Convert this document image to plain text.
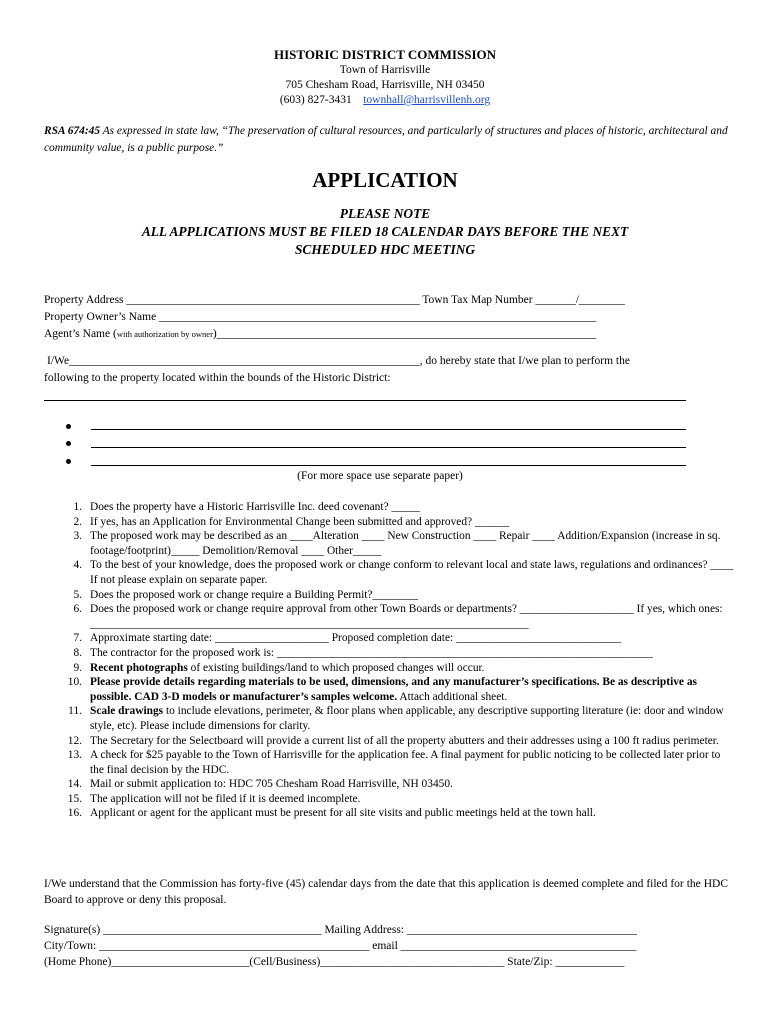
HISTORIC DISTRICT COMMISSION
Town of Harrisville
705 Chesham Road, Harrisville, NH 03450
(603) 827-3431 townhall@harrisvillenh.org
RSA 674:45 As expressed in state law, “The preservation of cultural resources, and particularly of structures and places of historic, architectural and community value, is a public purpose.”
APPLICATION
PLEASE NOTE
ALL APPLICATIONS MUST BE FILED 18 CALENDAR DAYS BEFORE THE NEXT
SCHEDULED HDC MEETING
Property Address ___________________________________________________ Town Tax Map Number _______/________
Property Owner’s Name ____________________________________________________________________________
Agent’s Name (with authorization by owner)__________________________________________________________________
I/We_____________________________________________________________, do hereby state that I/we plan to perform the
following to the property located within the bounds of the Historic District:
(For more space use separate paper)
1. Does the property have a Historic Harrisville Inc. deed covenant? _____
2. If yes, has an Application for Environmental Change been submitted and approved? ______
3. The proposed work may be described as an ____Alteration ____ New Construction ____ Repair ____ Addition/Expansion (increase in sq. footage/footprint)_____ Demolition/Removal ____ Other_____
4. To the best of your knowledge, does the proposed work or change conform to relevant local and state laws, regulations and ordinances? ____ If not please explain on separate paper.
5. Does the proposed work or change require a Building Permit?________
6. Does the proposed work or change require approval from other Town Boards or departments? ____________________ If yes, which ones: _____________________________________________________________________________
7. Approximate starting date: ____________________ Proposed completion date: _____________________________
8. The contractor for the proposed work is: __________________________________________________________________
9. Recent photographs of existing buildings/land to which proposed changes will occur.
10. Please provide details regarding materials to be used, dimensions, and any manufacturer’s specifications. Be as descriptive as possible. CAD 3-D models or manufacturer’s samples welcome. Attach additional sheet.
11. Scale drawings to include elevations, perimeter, & floor plans when applicable, any descriptive supporting literature (ie: door and window style, etc). Please include dimensions for clarity.
12. The Secretary for the Selectboard will provide a current list of all the property abutters and their addresses using a 100 ft radius perimeter.
13. A check for $25 payable to the Town of Harrisville for the application fee. A final payment for public noticing to be collected later prior to the final decision by the HDC.
14. Mail or submit application to: HDC 705 Chesham Road Harrisville, NH 03450.
15. The application will not be filed if it is deemed incomplete.
16. Applicant or agent for the applicant must be present for all site visits and public meetings held at the town hall.
I/We understand that the Commission has forty-five (45) calendar days from the date that this application is deemed complete and filed for the HDC Board to approve or deny this proposal.
Signature(s) ______________________________________ Mailing Address: ________________________________________
City/Town: _______________________________________________ email _________________________________________
(Home Phone)________________________(Cell/Business)________________________________ State/Zip: ____________
